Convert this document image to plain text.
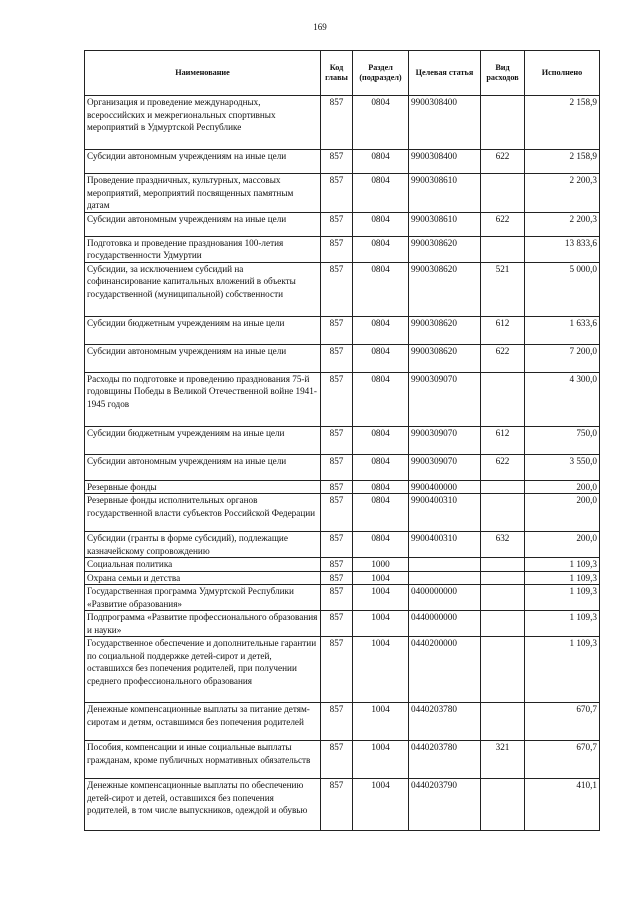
169
Наименование	Код главы	Раздел (подраздел)	Целевая статья	Вид расходов	Исполнено
Организация и проведение международных, всероссийских и межрегиональных спортивных мероприятий в Удмуртской Республике	857	0804	9900308400		2 158,9
Субсидии автономным учреждениям на иные цели	857	0804	9900308400	622	2 158,9
Проведение праздничных, культурных, массовых мероприятий, мероприятий посвященных памятным датам	857	0804	9900308610		2 200,3
Субсидии автономным учреждениям на иные цели	857	0804	9900308610	622	2 200,3
Подготовка и проведение празднования 100-летия государственности Удмуртии	857	0804	9900308620		13 833,6
Субсидии, за исключением субсидий на софинансирование капитальных вложений в объекты государственной (муниципальной) собственности	857	0804	9900308620	521	5 000,0
Субсидии бюджетным учреждениям на иные цели	857	0804	9900308620	612	1 633,6
Субсидии автономным учреждениям на иные цели	857	0804	9900308620	622	7 200,0
Расходы по подготовке и проведению празднования 75-й годовщины Победы в Великой Отечественной войне 1941-1945 годов	857	0804	9900309070		4 300,0
Субсидии бюджетным учреждениям на иные цели	857	0804	9900309070	612	750,0
Субсидии автономным учреждениям на иные цели	857	0804	9900309070	622	3 550,0
Резервные фонды	857	0804	9900400000		200,0
Резервные фонды исполнительных органов государственной власти субъектов Российской Федерации	857	0804	9900400310		200,0
Субсидии (гранты в форме субсидий), подлежащие казначейскому сопровождению	857	0804	9900400310	632	200,0
Социальная политика	857	1000			1 109,3
Охрана семьи и детства	857	1004			1 109,3
Государственная программа Удмуртской Республики «Развитие образования»	857	1004	0400000000		1 109,3
Подпрограмма «Развитие профессионального образования и науки»	857	1004	0440000000		1 109,3
Государственное обеспечение и дополнительные гарантии по социальной поддержке детей-сирот и детей, оставшихся без попечения родителей, при получении среднего профессионального образования	857	1004	0440200000		1 109,3
Денежные компенсационные выплаты за питание детям-сиротам и детям, оставшимся без попечения родителей	857	1004	0440203780		670,7
Пособия, компенсации и иные социальные выплаты гражданам, кроме публичных нормативных обязательств	857	1004	0440203780	321	670,7
Денежные компенсационные выплаты по обеспечению детей-сирот и детей, оставшихся без попечения родителей, в том числе выпускников, одеждой и обувью	857	1004	0440203790		410,1
